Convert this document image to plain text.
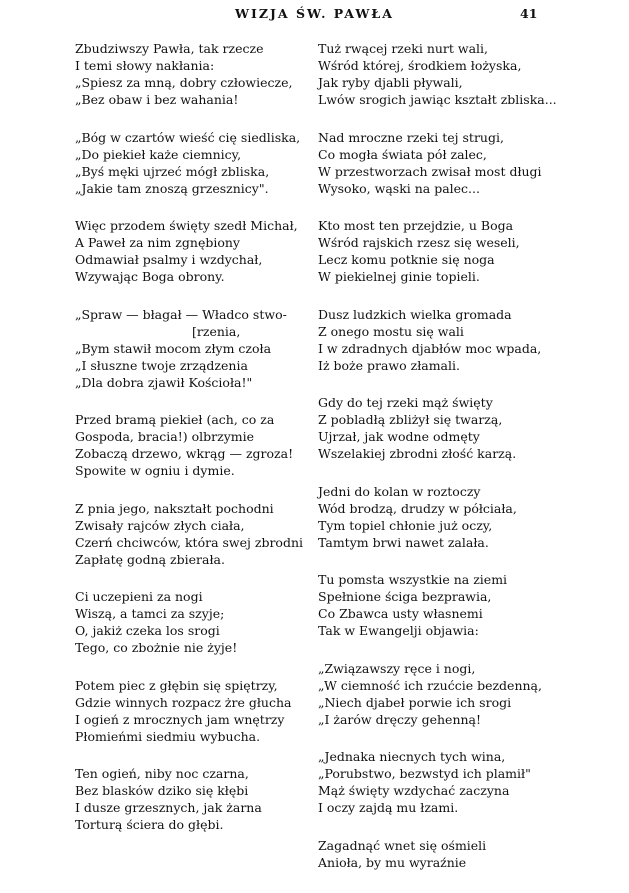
WIZJA ŚW. PAWŁA	41
Zbudziwszy Pawła, tak rzecze
I temi słowy nakłania:
„Spiesz za mną, dobry człowiecze,
„Bez obaw i bez wahania!
„Bóg w czartów wieść cię siedliska,
„Do piekieł każe ciemnicy,
„Byś męki ujrzeć mógł zbliska,
„Jakie tam znoszą grzesznicy".
Więc przodem święty szedł Michał,
A Paweł za nim zgnębiony
Odmawiał psalmy i wzdychał,
Wzywając Boga obrony.
„Spraw — błagał — Władco stwo-
[rzenia,
„Bym stawił mocom złym czoła
„I słuszne twoje zrządzenia
„Dla dobra zjawił Kościoła!"
Przed bramą piekieł (ach, co za
Gospoda, bracia!) olbrzymie
Zobaczą drzewo, wkrąg — zgroza!
Spowite w ogniu i dymie.
Z pnia jego, nakształt pochodni
Zwisały rajców złych ciała,
Czerń chciwców, która swej zbrodni
Zapłatę godną zbierała.
Ci uczepieni za nogi
Wiszą, a tamci za szyje;
O, jakiż czeka los srogi
Tego, co zbożnie nie żyje!
Potem piec z głębin się spiętrzy,
Gdzie winnych rozpacz żre głucha
I ogień z mrocznych jam wnętrzy
Płomieńmi siedmiu wybucha.
Ten ogień, niby noc czarna,
Bez blasków dziko się kłębi
I dusze grzesznych, jak żarna
Torturą ściera do głębi.
Tuż rwącej rzeki nurt wali,
Wśród której, środkiem łożyska,
Jak ryby djabli pływali,
Lwów srogich jawiąc kształt zbliska...
Nad mroczne rzeki tej strugi,
Co mogła świata pół zalec,
W przestworzach zwisał most długi
Wysoko, wąski na palec...
Kto most ten przejdzie, u Boga
Wśród rajskich rzesz się weseli,
Lecz komu potknie się noga
W piekielnej ginie topieli.
Dusz ludzkich wielka gromada
Z onego mostu się wali
I w zdradnych djabłów moc wpada,
Iż boże prawo złamali.
Gdy do tej rzeki mąż święty
Z pobladłą zbliżył się twarzą,
Ujrzał, jak wodne odmęty
Wszelakiej zbrodni złość karzą.
Jedni do kolan w roztoczy
Wód brodzą, drudzy w półciała,
Tym topiel chłonie już oczy,
Tamtym brwi nawet zalała.
Tu pomsta wszystkie na ziemi
Spełnione ściga bezprawia,
Co Zbawca usty własnemi
Tak w Ewangelji objawia:
„Związawszy ręce i nogi,
„W ciemność ich rzućcie bezdenną,
„Niech djabeł porwie ich srogi
„I żarów dręczy gehenną!
„Jednaka niecnych tych wina,
„Porubstwo, bezwstyd ich plamił"
Mąż święty wzdychać zaczyna
I oczy zajdą mu łzami.
Zagadnąć wnet się ośmieli
Anioła, by mu wyraźnie
